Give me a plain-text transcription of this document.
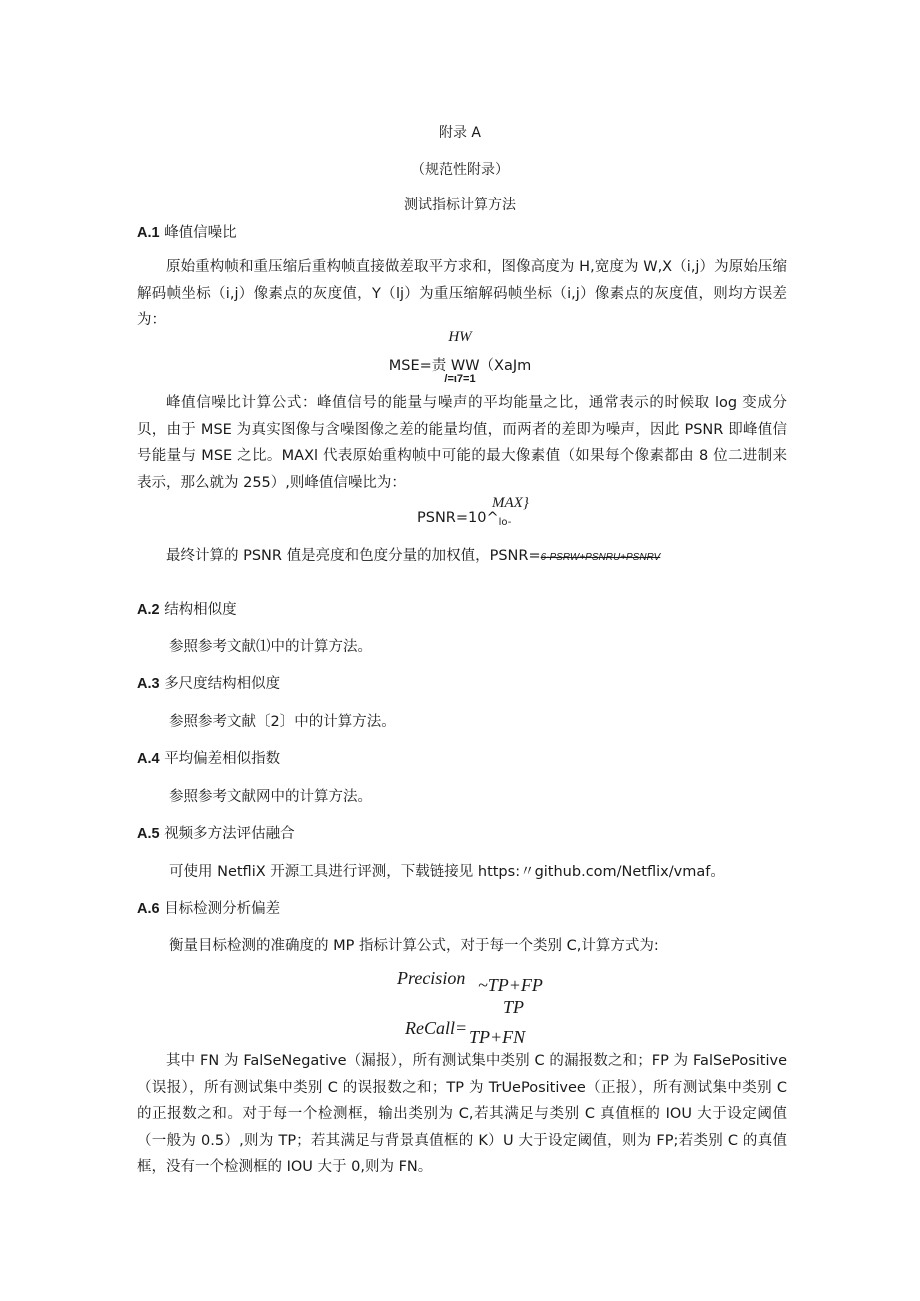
附录 A
（规范性附录）
测试指标计算方法
A.1 峰值信噪比
原始重构帧和重压缩后重构帧直接做差取平方求和，图像高度为 H,宽度为 W,X（i,j）为原始压缩解码帧坐标（i,j）像素点的灰度值，Y（lj）为重压缩解码帧坐标（i,j）像素点的灰度值，则均方误差为：
HW
MSE=责 WW（XaJm
/=ι7=1
峰值信噪比计算公式：峰值信号的能量与噪声的平均能量之比，通常表示的时候取 log 变成分贝，由于 MSE 为真实图像与含噪图像之差的能量均值，而两者的差即为噪声，因此 PSNR 即峰值信号能量与 MSE 之比。MAXl 代表原始重构帧中可能的最大像素值（如果每个像素都由 8 位二进制来表示，那么就为 255）,则峰值信噪比为：
MAX}
$PSNR=10\^{}_{lo-}$
最终计算的 PSNR 值是亮度和色度分量的加权值，PSNR=6-PSRW+PSNRU+PSNRV
A.2 结构相似度
参照参考文献⑴中的计算方法。
A.3 多尺度结构相似度
参照参考文献〔2〕中的计算方法。
A.4 平均偏差相似指数
参照参考文献网中的计算方法。
A.5 视频多方法评估融合
可使用 NetfliX 开源工具进行评测，下载链接见 https:〃github.com/Netflix/vmaf。
A.6 目标检测分析偏差
衡量目标检测的准确度的 MP 指标计算公式，对于每一个类别 C,计算方式为:
Precision ~TP+FP
TP
ReCall= TP+FN
其中 FN 为 FalSeNegative（漏报），所有测试集中类别 C 的漏报数之和；FP 为 FalSePositive（误报），所有测试集中类别 C 的误报数之和；TP 为 TrUePositivee（正报），所有测试集中类别 C 的正报数之和。对于每一个检测框，输出类别为 C,若其满足与类别 C 真值框的 IOU 大于设定阈值（一般为 0.5）,则为 TP；若其满足与背景真值框的 K）U 大于设定阈值，则为 FP;若类别 C 的真值框，没有一个检测框的 IOU 大于 0,则为 FN。
